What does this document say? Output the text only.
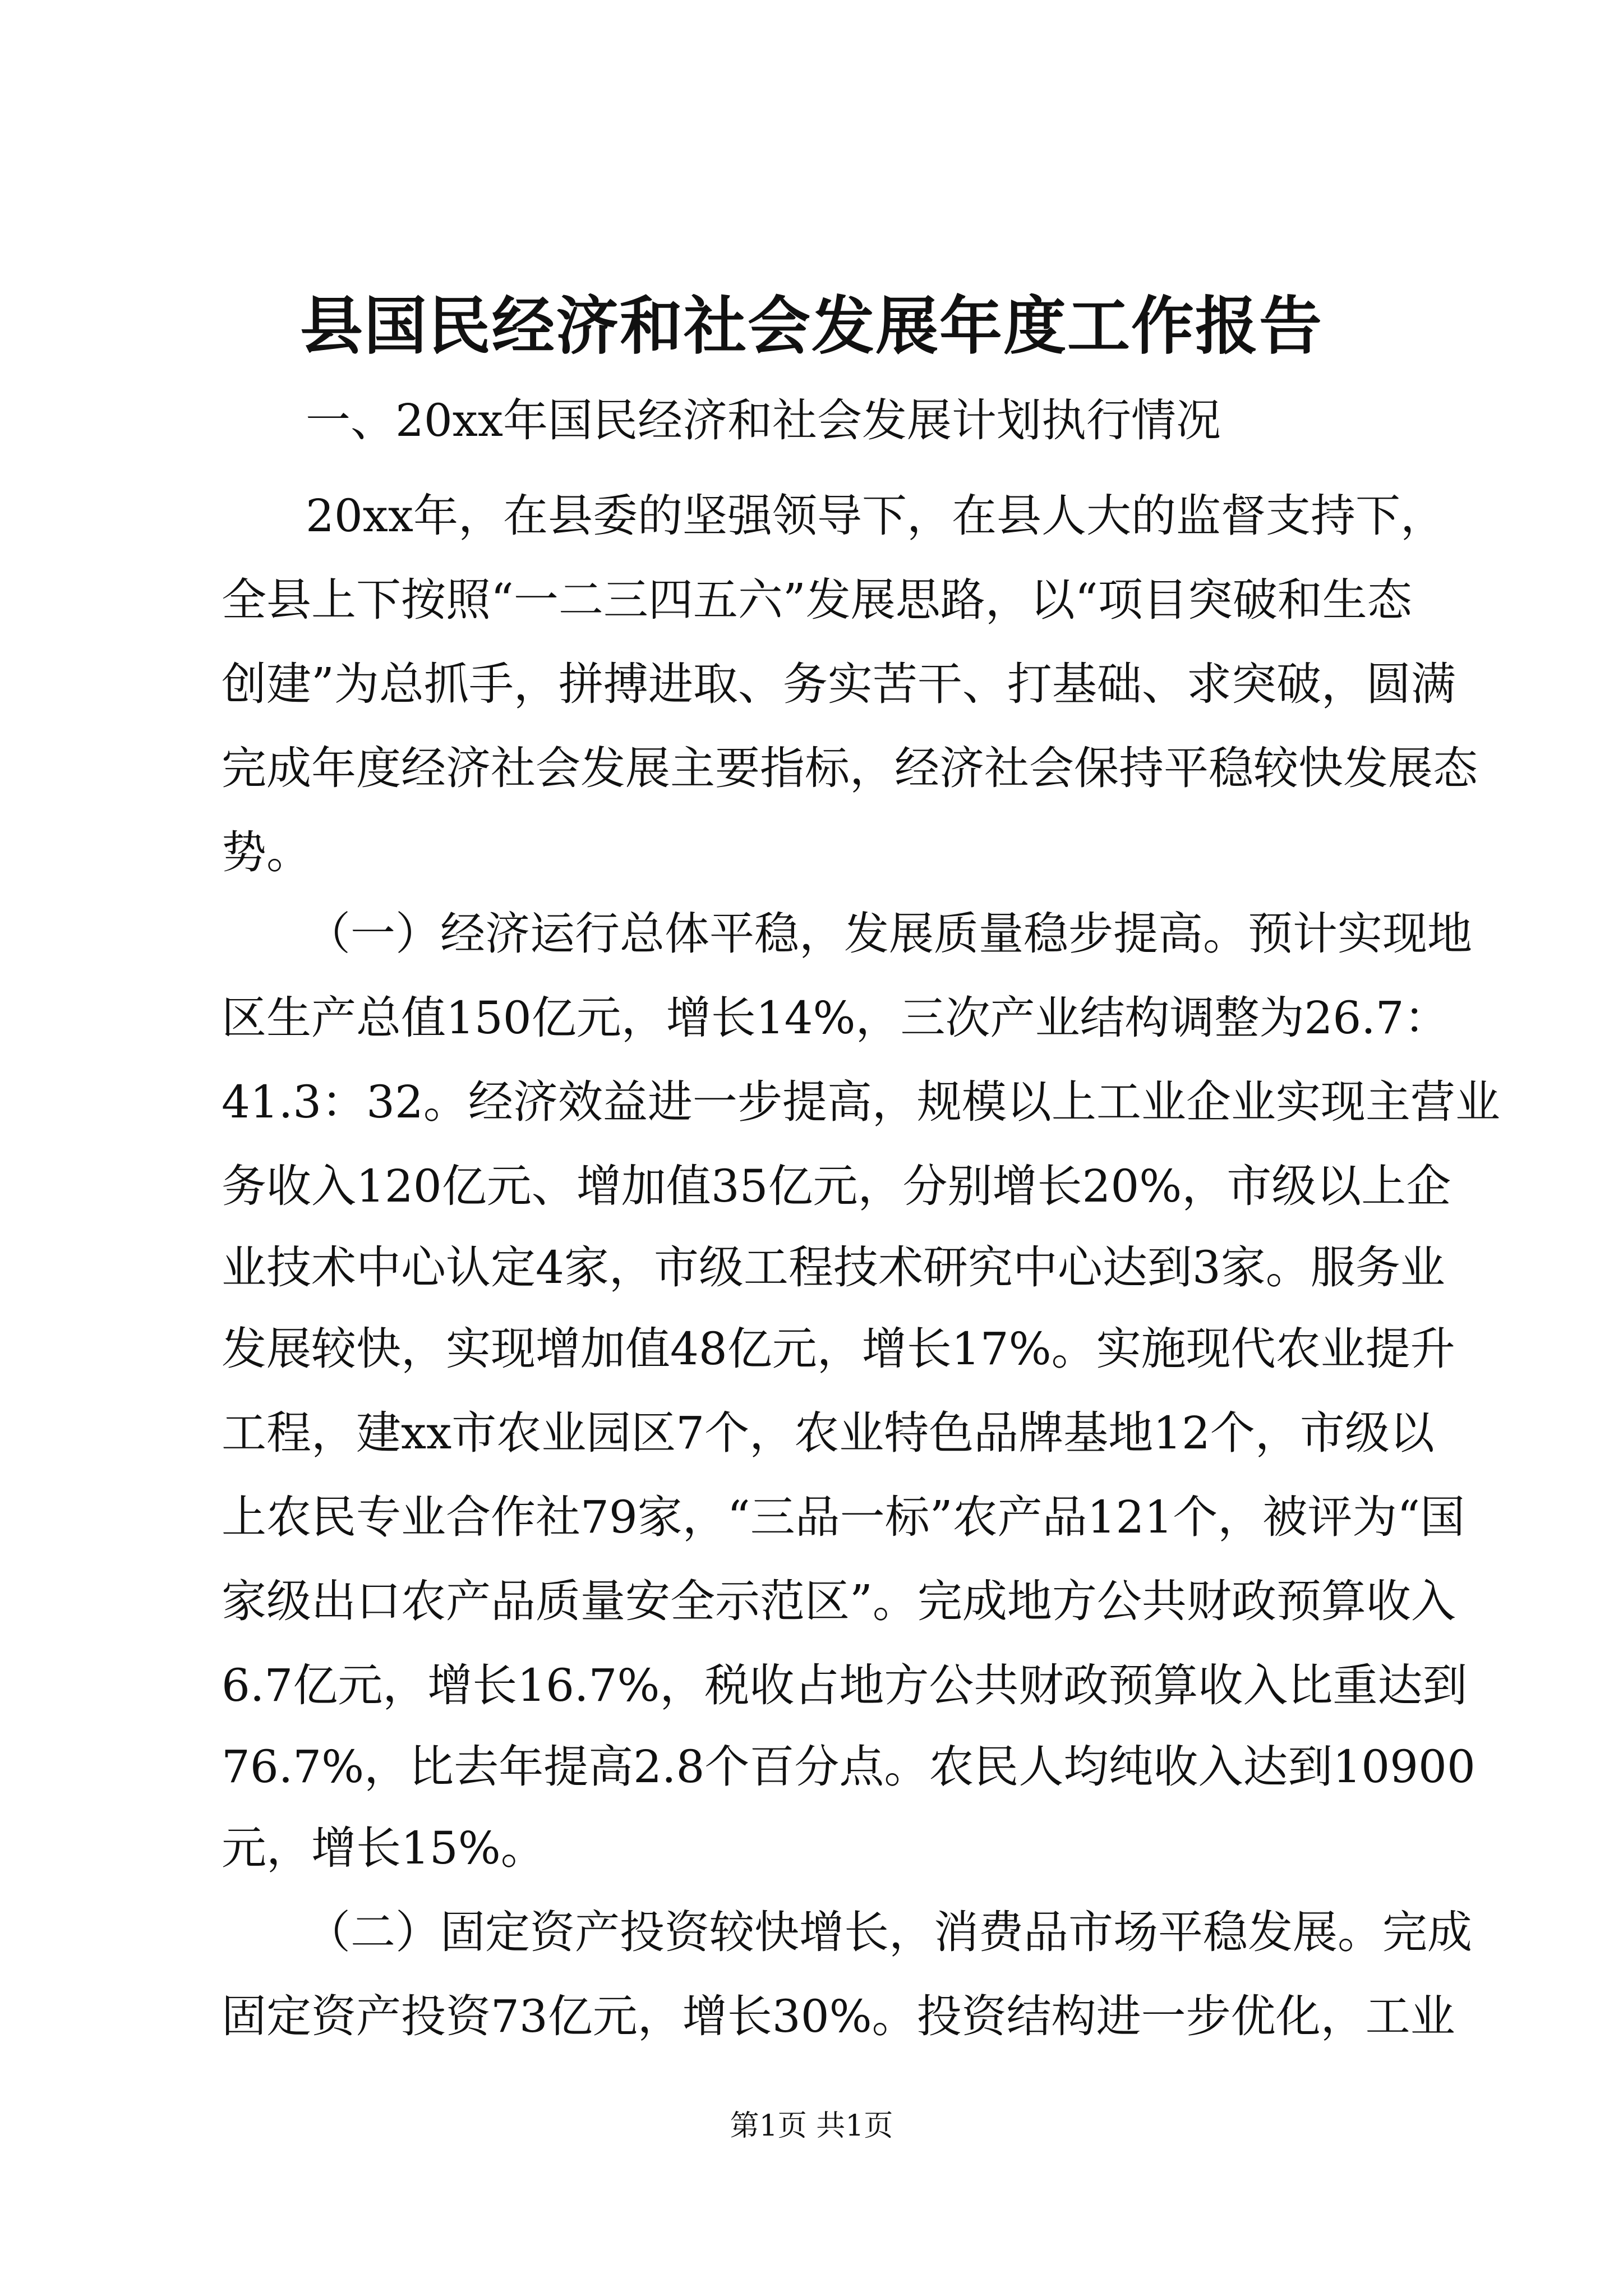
县国民经济和社会发展年度工作报告
一、20xx年国民经济和社会发展计划执行情况
20xx年，在县委的坚强领导下，在县人大的监督支持下，
全县上下按照“一二三四五六”发展思路，以“项目突破和生态
创建”为总抓手，拼搏进取、务实苦干、打基础、求突破，圆满
完成年度经济社会发展主要指标，经济社会保持平稳较快发展态
势。
（一）经济运行总体平稳，发展质量稳步提高。预计实现地
区生产总值150亿元，增长14%，三次产业结构调整为26.7：
41.3：32。经济效益进一步提高，规模以上工业企业实现主营业
务收入120亿元、增加值35亿元，分别增长20%，市级以上企
业技术中心认定4家，市级工程技术研究中心达到3家。服务业
发展较快，实现增加值48亿元，增长17%。实施现代农业提升
工程，建xx市农业园区7个，农业特色品牌基地12个，市级以
上农民专业合作社79家，“三品一标”农产品121个，被评为“国
家级出口农产品质量安全示范区”。完成地方公共财政预算收入
6.7亿元，增长16.7%，税收占地方公共财政预算收入比重达到
76.7%，比去年提高2.8个百分点。农民人均纯收入达到10900
元，增长15%。
（二）固定资产投资较快增长，消费品市场平稳发展。完成
固定资产投资73亿元，增长30%。投资结构进一步优化，工业
第1页 共1页
